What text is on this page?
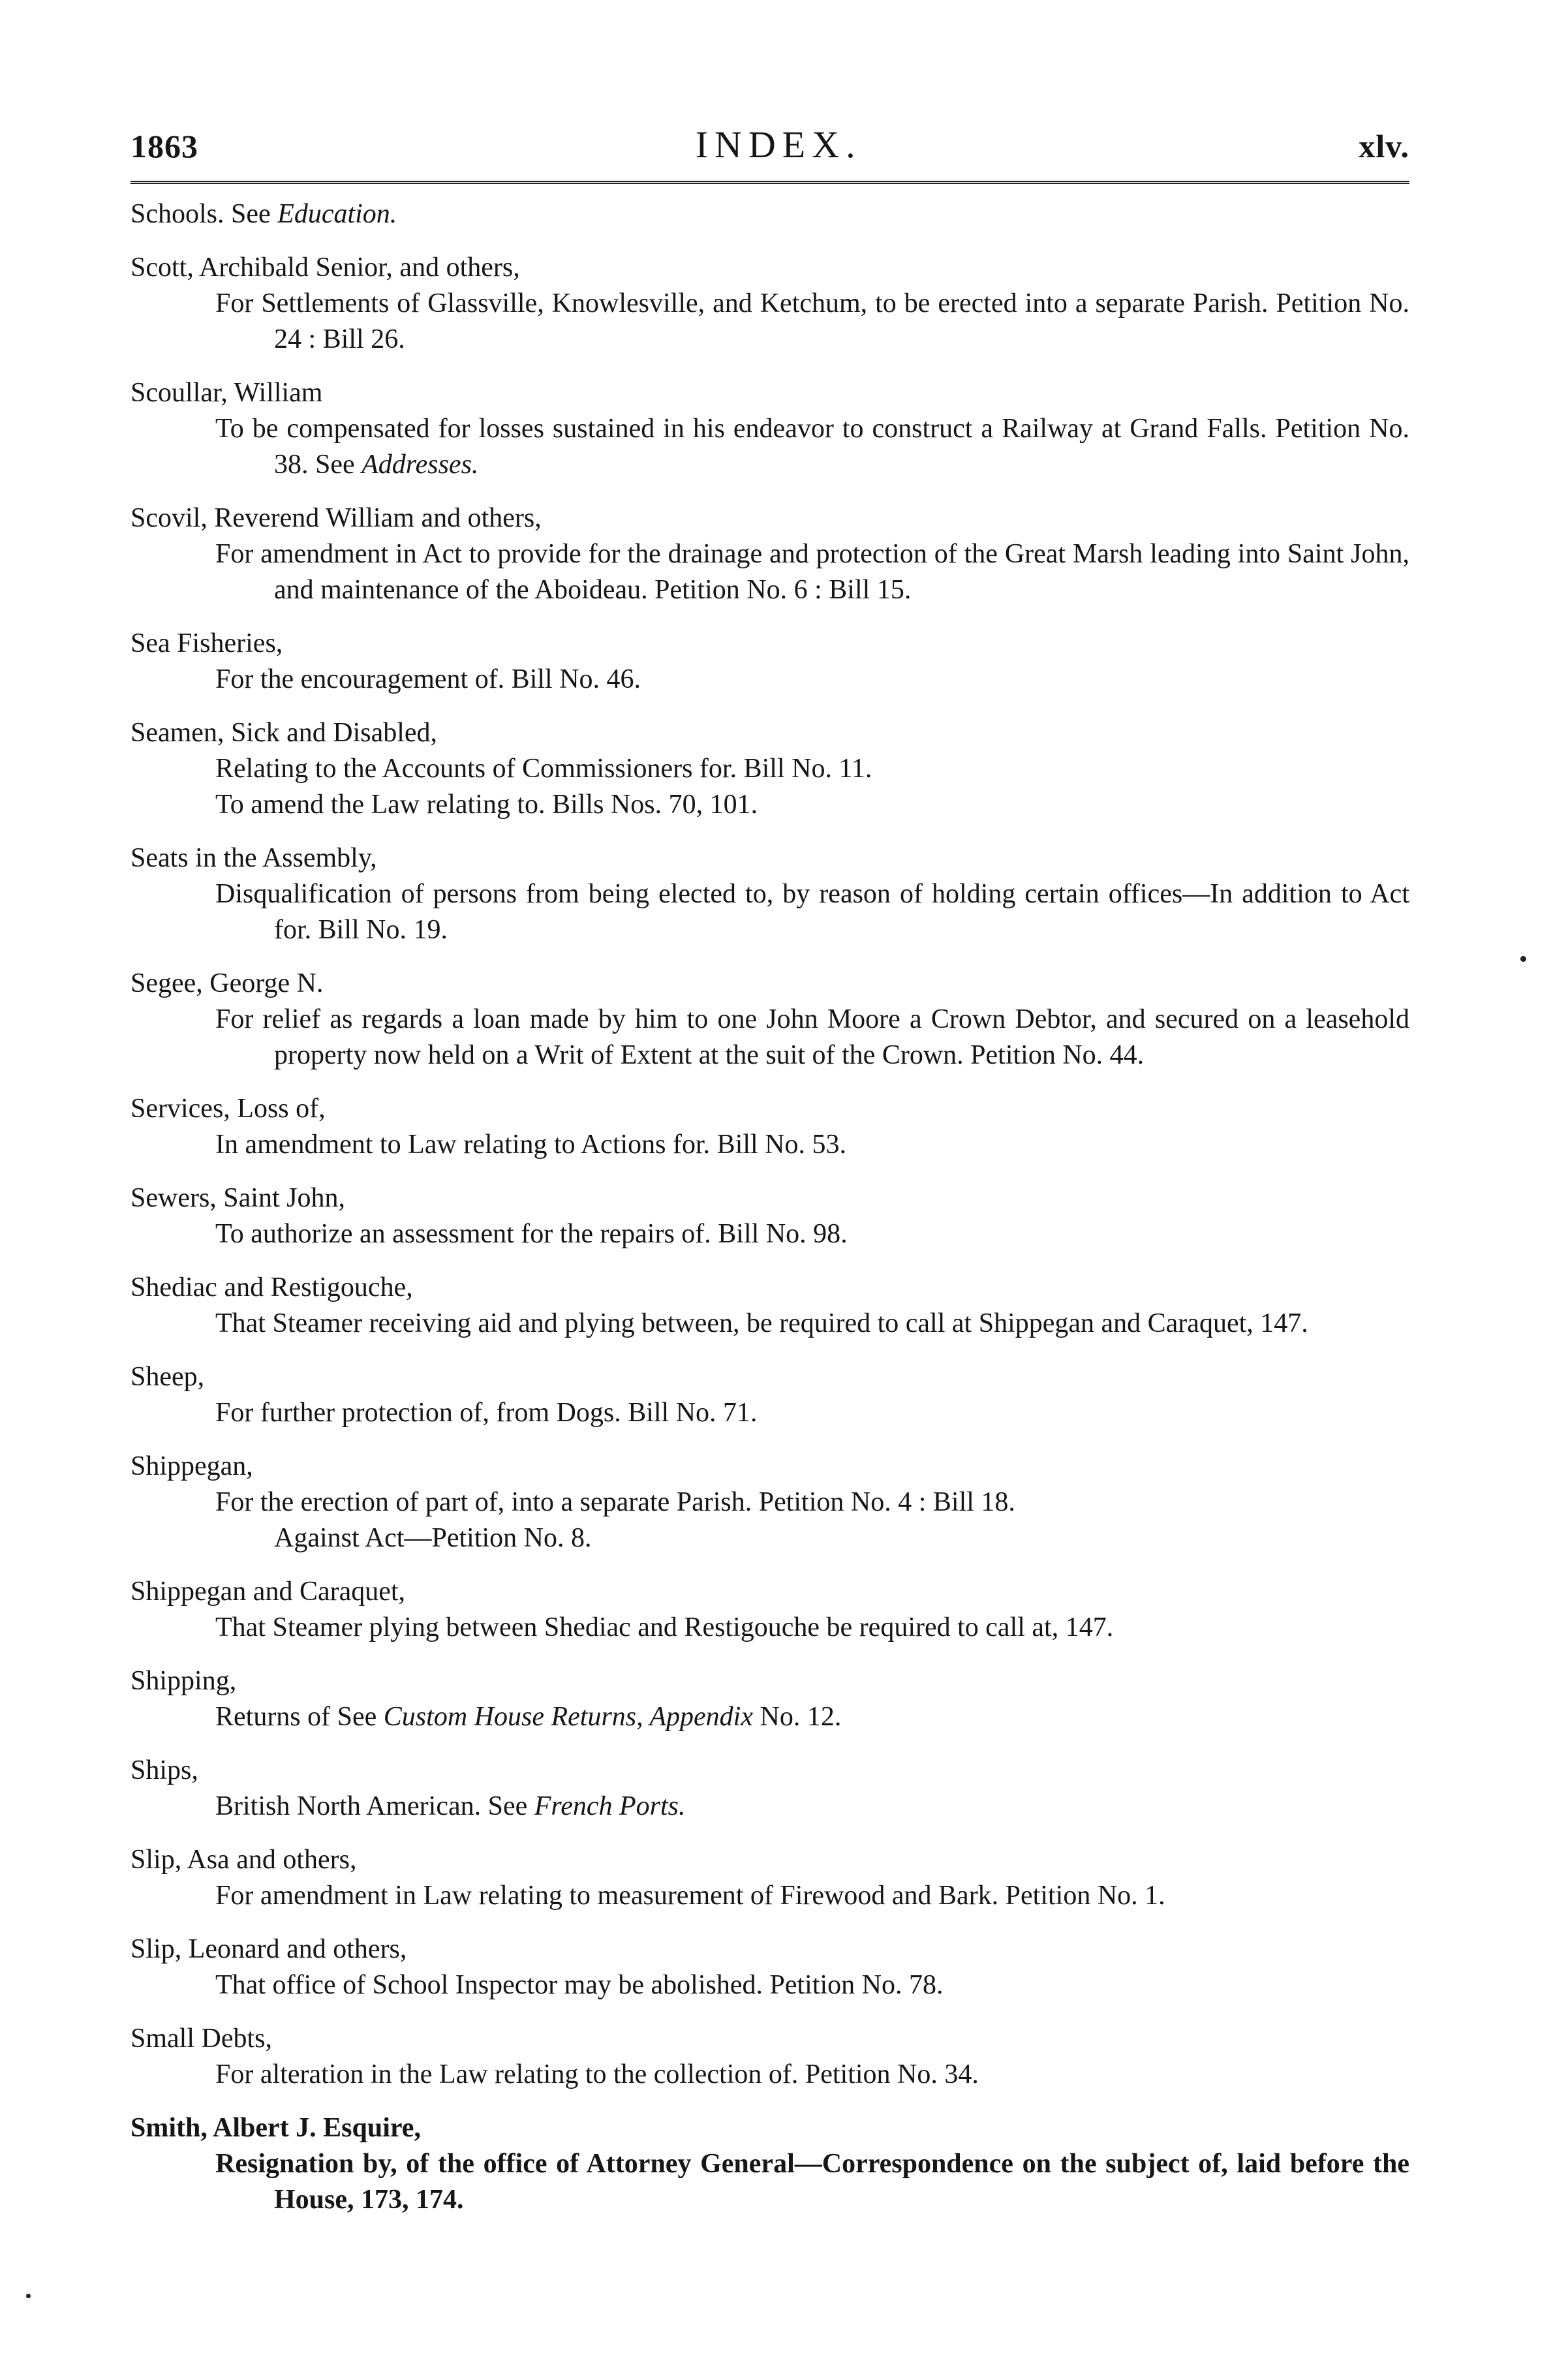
1863	INDEX.	xlv.
Schools. See Education.
Scott, Archibald Senior, and others,
For Settlements of Glassville, Knowlesville, and Ketchum, to be erected into a separate Parish. Petition No. 24 : Bill 26.
Scoullar, William
To be compensated for losses sustained in his endeavor to construct a Railway at Grand Falls. Petition No. 38. See Addresses.
Scovil, Reverend William and others,
For amendment in Act to provide for the drainage and protection of the Great Marsh leading into Saint John, and maintenance of the Aboideau. Petition No. 6 : Bill 15.
Sea Fisheries,
For the encouragement of. Bill No. 46.
Seamen, Sick and Disabled,
Relating to the Accounts of Commissioners for. Bill No. 11.
To amend the Law relating to. Bills Nos. 70, 101.
Seats in the Assembly,
Disqualification of persons from being elected to, by reason of holding certain offices—In addition to Act for. Bill No. 19.
Segee, George N.
For relief as regards a loan made by him to one John Moore a Crown Debtor, and secured on a leasehold property now held on a Writ of Extent at the suit of the Crown. Petition No. 44.
Services, Loss of,
In amendment to Law relating to Actions for. Bill No. 53.
Sewers, Saint John,
To authorize an assessment for the repairs of. Bill No. 98.
Shediac and Restigouche,
That Steamer receiving aid and plying between, be required to call at Shippegan and Caraquet, 147.
Sheep,
For further protection of, from Dogs. Bill No. 71.
Shippegan,
For the erection of part of, into a separate Parish. Petition No. 4 : Bill 18.
Against Act—Petition No. 8.
Shippegan and Caraquet,
That Steamer plying between Shediac and Restigouche be required to call at, 147.
Shipping,
Returns of See Custom House Returns, Appendix No. 12.
Ships,
British North American. See French Ports.
Slip, Asa and others,
For amendment in Law relating to measurement of Firewood and Bark. Petition No. 1.
Slip, Leonard and others,
That office of School Inspector may be abolished. Petition No. 78.
Small Debts,
For alteration in the Law relating to the collection of. Petition No. 34.
Smith, Albert J. Esquire,
Resignation by, of the office of Attorney General—Correspondence on the subject of, laid before the House, 173, 174.
